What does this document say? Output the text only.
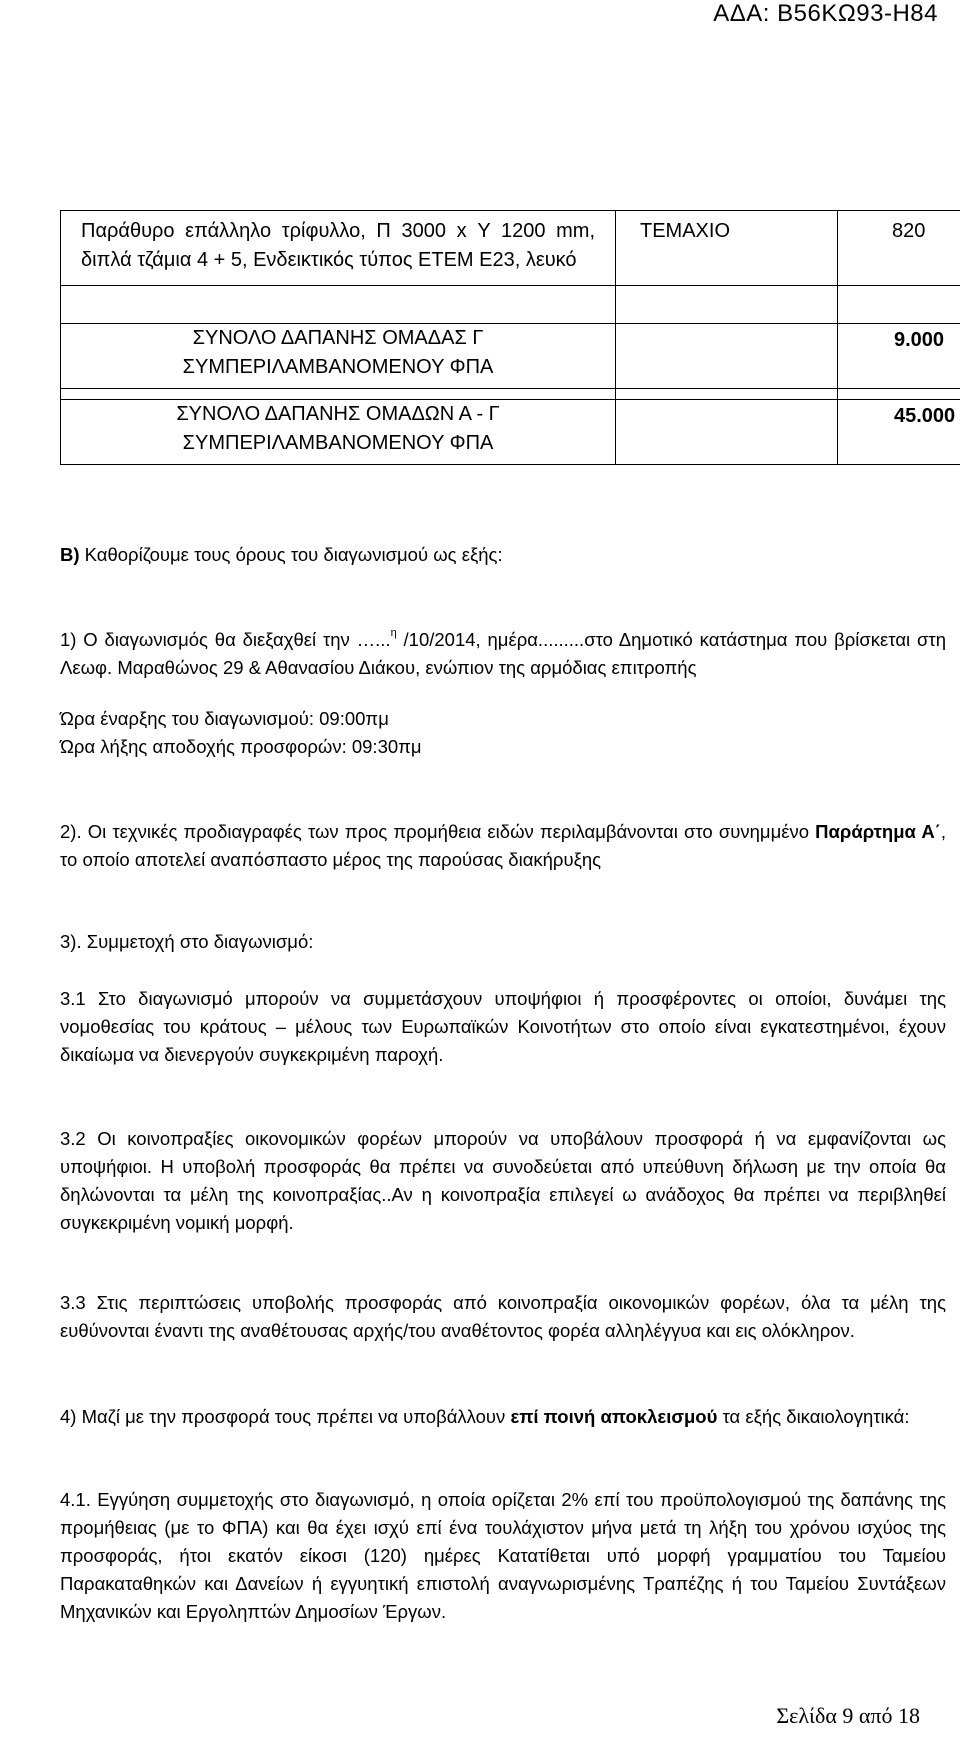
ΑΔΑ: Β56ΚΩ93-Η84
Παράθυρο επάλληλο τρίφυλλο, Π 3000 x Υ 1200 mm, διπλά τζάμια 4 + 5, Ενδεικτικός τύπος ΕΤΕΜ Ε23, λευκό	ΤΕΜΑΧΙΟ	820

ΣΥΝΟΛΟ ΔΑΠΑΝΗΣ ΟΜΑΔΑΣ Γ ΣΥΜΠΕΡΙΛΑΜΒΑΝΟΜΕΝΟΥ ΦΠΑ		9.000

ΣΥΝΟΛΟ ΔΑΠΑΝΗΣ ΟΜΑΔΩΝ Α - Γ ΣΥΜΠΕΡΙΛΑΜΒΑΝΟΜΕΝΟΥ ΦΠΑ		45.000

Β) Καθορίζουμε τους όρους του διαγωνισμού ως εξής:

1) Ο διαγωνισμός θα διεξαχθεί την …...$^\eta$ /10/2014, ημέρα.........στο Δημοτικό κατάστημα που βρίσκεται στη Λεωφ. Μαραθώνος 29 & Αθανασίου Διάκου, ενώπιον της αρμόδιας επιτροπής

Ώρα έναρξης του διαγωνισμού: 09:00πμ

Ώρα λήξης αποδοχής προσφορών: 09:30πμ

2). Οι τεχνικές προδιαγραφές των προς προμήθεια ειδών περιλαμβάνονται στο συνημμένο Παράρτημα Α΄, το οποίο αποτελεί αναπόσπαστο μέρος της παρούσας διακήρυξης

3). Συμμετοχή στο διαγωνισμό:

3.1 Στο διαγωνισμό μπορούν να συμμετάσχουν υποψήφιοι ή προσφέροντες οι οποίοι, δυνάμει της νομοθεσίας του κράτους – μέλους των Ευρωπαϊκών Κοινοτήτων στο οποίο είναι εγκατεστημένοι, έχουν δικαίωμα να διενεργούν συγκεκριμένη παροχή.

3.2 Οι κοινοπραξίες οικονομικών φορέων μπορούν να υποβάλουν προσφορά ή να εμφανίζονται ως υποψήφιοι. Η υποβολή προσφοράς θα πρέπει να συνοδεύεται από υπεύθυνη δήλωση με την οποία θα δηλώνονται τα μέλη της κοινοπραξίας..Αν η κοινοπραξία επιλεγεί ω ανάδοχος θα πρέπει να περιβληθεί συγκεκριμένη νομική μορφή.

3.3 Στις περιπτώσεις υποβολής προσφοράς από κοινοπραξία οικονομικών φορέων, όλα τα μέλη της ευθύνονται έναντι της αναθέτουσας αρχής/του αναθέτοντος φορέα αλληλέγγυα και εις ολόκληρον.

4) Μαζί με την προσφορά τους πρέπει να υποβάλλουν επί ποινή αποκλεισμού τα εξής δικαιολογητικά:

4.1. Εγγύηση συμμετοχής στο διαγωνισμό, η οποία ορίζεται 2% επί του προϋπολογισμού της δαπάνης της προμήθειας (με το ΦΠΑ) και θα έχει ισχύ επί ένα τουλάχιστον μήνα μετά τη λήξη του χρόνου ισχύος της προσφοράς, ήτοι εκατόν είκοσι (120) ημέρες Κατατίθεται υπό μορφή γραμματίου του Ταμείου Παρακαταθηκών και Δανείων ή εγγυητική επιστολή αναγνωρισμένης Τραπέζης ή του Ταμείου Συντάξεων Μηχανικών και Εργοληπτών Δημοσίων Έργων.

Σελίδα 9 από 18
